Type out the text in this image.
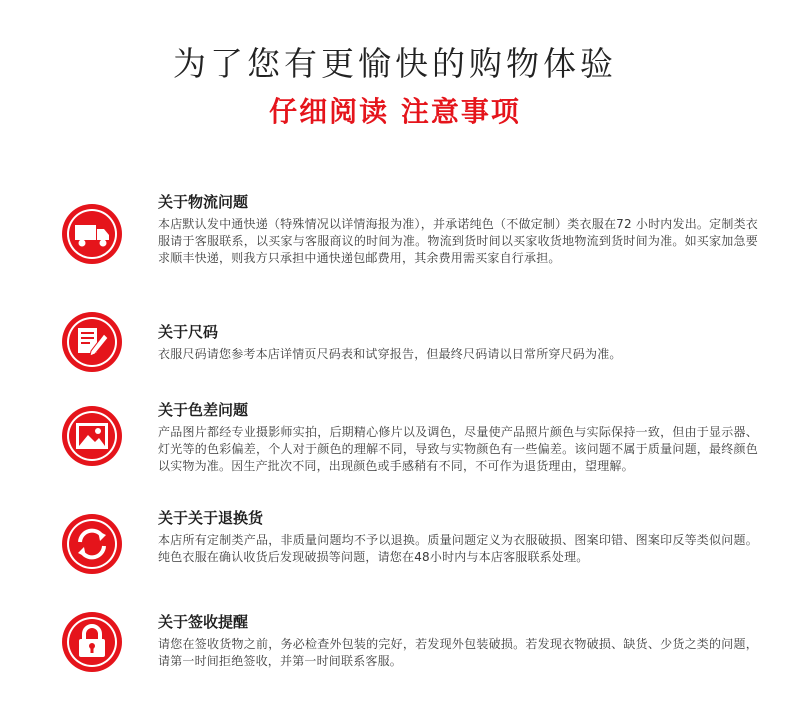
为了您有更愉快的购物体验
仔细阅读 注意事项

关于物流问题

本店默认发中通快递（特殊情况以详情海报为准），并承诺纯色（不做定制）类衣服在72 小时内发出。定制类衣服请于客服联系，以买家与客服商议的时间为准。物流到货时间以买家收货地物流到货时间为准。如买家加急要求顺丰快递，则我方只承担中通快递包邮费用，其余费用需买家自行承担。

关于尺码

衣服尺码请您参考本店详情页尺码表和试穿报告，但最终尺码请以日常所穿尺码为准。

关于色差问题

产品图片都经专业摄影师实拍，后期精心修片以及调色，尽量使产品照片颜色与实际保持一致，但由于显示器、灯光等的色彩偏差，个人对于颜色的理解不同，导致与实物颜色有一些偏差。该问题不属于质量问题，最终颜色以实物为准。因生产批次不同，出现颜色或手感稍有不同，不可作为退货理由，望理解。

关于关于退换货

本店所有定制类产品，非质量问题均不予以退换。质量问题定义为衣服破损、图案印错、图案印反等类似问题。纯色衣服在确认收货后发现破损等问题，请您在48小时内与本店客服联系处理。

关于签收提醒

请您在签收货物之前，务必检查外包装的完好，若发现外包装破损。若发现衣物破损、缺货、少货之类的问题，请第一时间拒绝签收，并第一时间联系客服。
